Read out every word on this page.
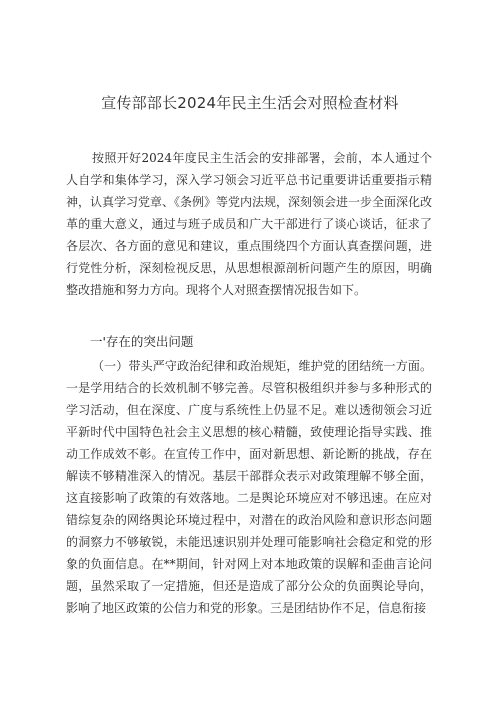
宣传部部长2024年民主生活会对照检查材料

按照开好2024年度民主生活会的安排部署，会前，本人通过个人自学和集体学习，深入学习领会习近平总书记重要讲话重要指示精神，认真学习党章、《条例》等党内法规，深刻领会进一步全面深化改革的重大意义，通过与班子成员和广大干部进行了谈心谈话，征求了各层次、各方面的意见和建议，重点围绕四个方面认真查摆问题，进行党性分析，深刻检视反思，从思想根源剖析问题产生的原因，明确整改措施和努力方向。现将个人对照查摆情况报告如下。

一'存在的突出问题

（一）带头严守政治纪律和政治规矩，维护党的团结统一方面。一是学用结合的长效机制不够完善。尽管积极组织并参与多种形式的学习活动，但在深度、广度与系统性上仍显不足。难以透彻领会习近平新时代中国特色社会主义思想的核心精髓，致使理论指导实践、推动工作成效不彰。在宣传工作中，面对新思想、新论断的挑战，存在解读不够精准深入的情况。基层干部群众表示对政策理解不够全面，这直接影响了政策的有效落地。二是舆论环境应对不够迅速。在应对错综复杂的网络舆论环境过程中，对潜在的政治风险和意识形态问题的洞察力不够敏锐，未能迅速识别并处理可能影响社会稳定和党的形象的负面信息。在**期间，针对网上对本地政策的误解和歪曲言论问题，虽然采取了一定措施，但还是造成了部分公众的负面舆论导向，影响了地区政策的公信力和党的形象。三是团结协作不足，信息衔接
